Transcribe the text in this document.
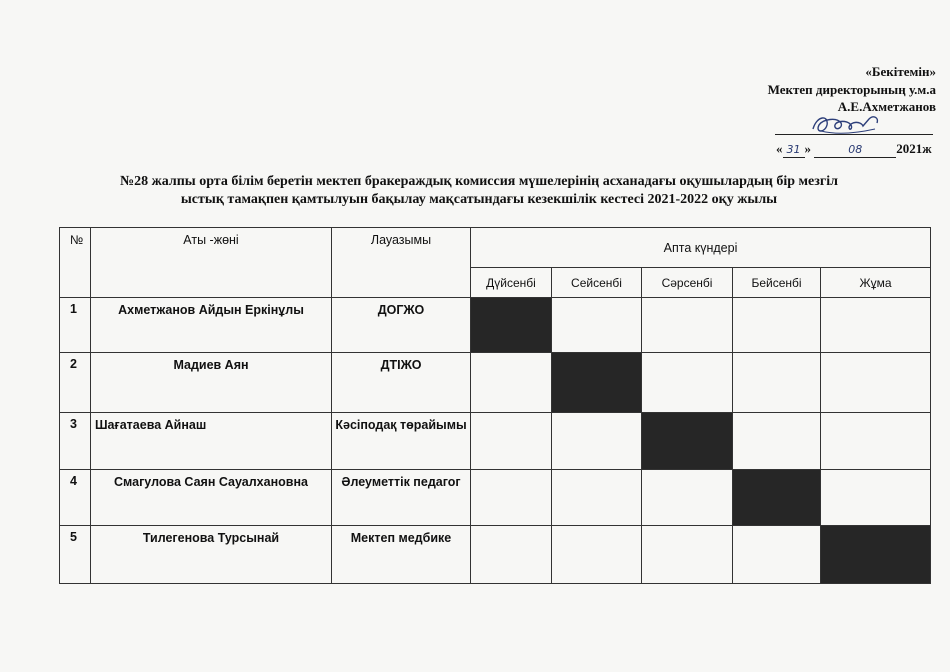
«Бекітемін»
Мектеп директорының у.м.а
А.Е.Ахметжанов
« 31 »	08	2021ж
№28 жалпы орта білім беретін мектеп бракераждық комиссия мүшелерінің асханадағы оқушылардың бір мезгіл
ыстық тамақпен қамтылуын бақылау мақсатындағы кезекшілік кестесі 2021-2022 оқу жылы
№	Аты -жөні	Лауазымы	Апта күндері				
			Дүйсенбі	Сейсенбі	Сәрсенбі	Бейсенбі	Жұма
1	Ахметжанов Айдын Еркінұлы	ДОГЖО					
2	Мадиев Аян	ДТІЖО					
3	Шағатаева Айнаш	Кәсіподақ төрайымы					
4	Смагулова Саян Сауалхановна	Әлеуметтік педагог					
5	Тилегенова Турсынай	Мектеп медбике					
